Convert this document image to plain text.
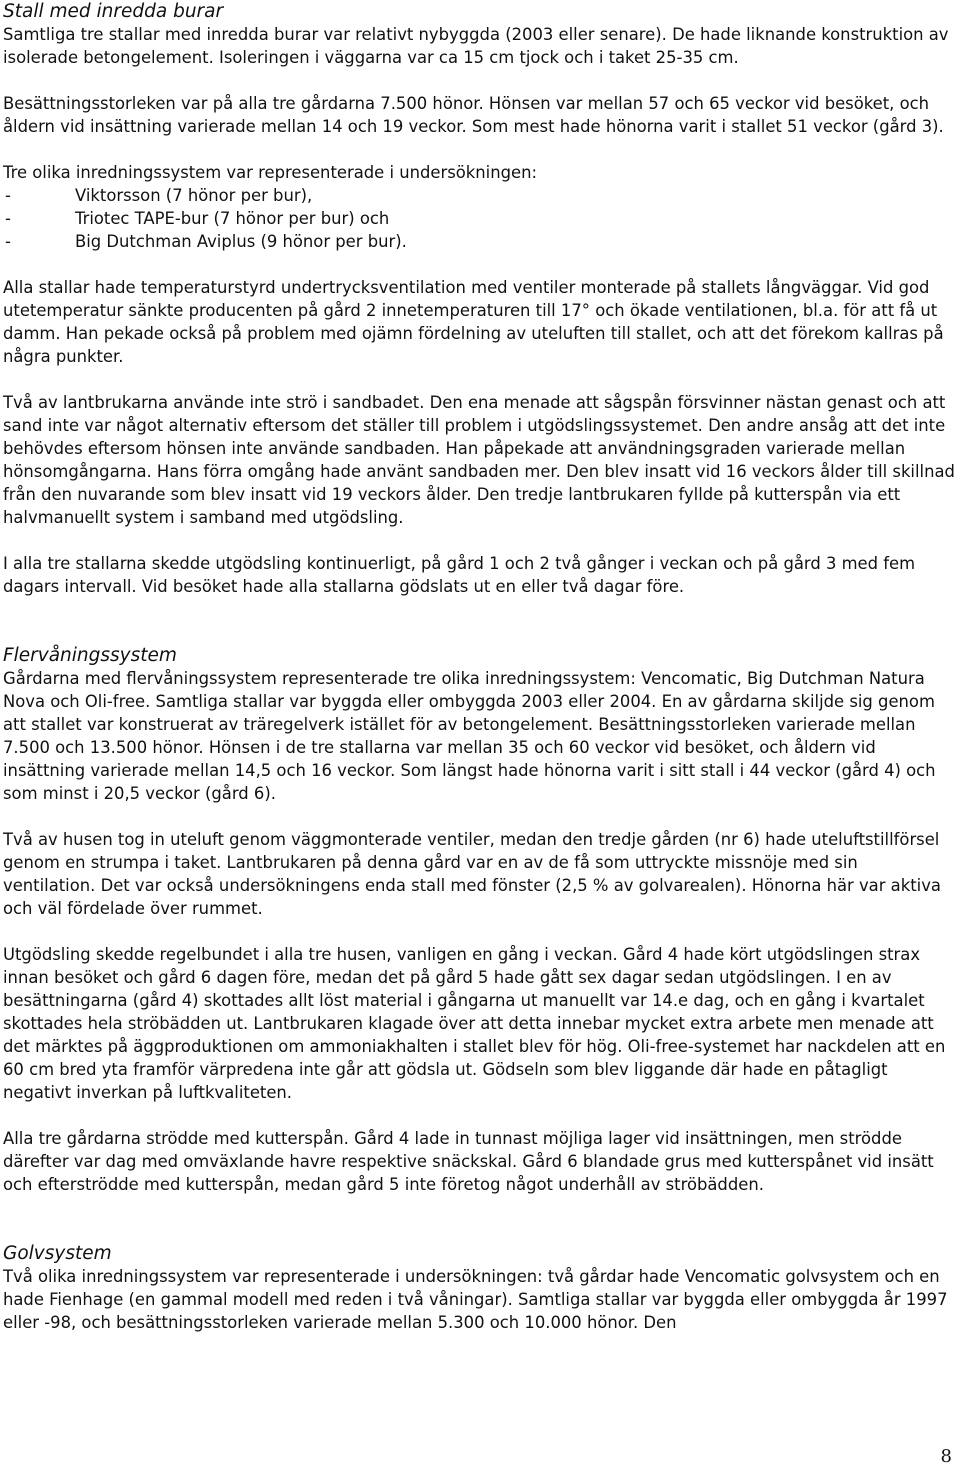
Stall med inredda burar

Samtliga tre stallar med inredda burar var relativt nybyggda (2003 eller senare). De hade liknande konstruktion av isolerade betongelement. Isoleringen i väggarna var ca 15 cm tjock och i taket 25-35 cm.

Besättningsstorleken var på alla tre gårdarna 7.500 hönor. Hönsen var mellan 57 och 65 veckor vid besöket, och åldern vid insättning varierade mellan 14 och 19 veckor. Som mest hade hönorna varit i stallet 51 veckor (gård 3).

Tre olika inredningssystem var representerade i undersökningen:

-	Viktorsson (7 hönor per bur),
-	Triotec TAPE-bur (7 hönor per bur) och
-	Big Dutchman Aviplus (9 hönor per bur).

Alla stallar hade temperaturstyrd undertrycksventilation med ventiler monterade på stallets långväggar. Vid god utetemperatur sänkte producenten på gård 2 innetemperaturen till 17° och ökade ventilationen, bl.a. för att få ut damm. Han pekade också på problem med ojämn fördelning av uteluften till stallet, och att det förekom kallras på några punkter.

Två av lantbrukarna använde inte strö i sandbadet. Den ena menade att sågspån försvinner nästan genast och att sand inte var något alternativ eftersom det ställer till problem i utgödslingssystemet. Den andre ansåg att det inte behövdes eftersom hönsen inte använde sandbaden. Han påpekade att användningsgraden varierade mellan hönsomgångarna. Hans förra omgång hade använt sandbaden mer. Den blev insatt vid 16 veckors ålder till skillnad från den nuvarande som blev insatt vid 19 veckors ålder. Den tredje lantbrukaren fyllde på kutterspån via ett halvmanuellt system i samband med utgödsling.

I alla tre stallarna skedde utgödsling kontinuerligt, på gård 1 och 2 två gånger i veckan och på gård 3 med fem dagars intervall. Vid besöket hade alla stallarna gödslats ut en eller två dagar före.

Flervåningssystem

Gårdarna med flervåningssystem representerade tre olika inredningssystem: Vencomatic, Big Dutchman Natura Nova och Oli-free. Samtliga stallar var byggda eller ombyggda 2003 eller 2004. En av gårdarna skiljde sig genom att stallet var konstruerat av träregelverk istället för av betongelement. Besättningsstorleken varierade mellan 7.500 och 13.500 hönor. Hönsen i de tre stallarna var mellan 35 och 60 veckor vid besöket, och åldern vid insättning varierade mellan 14,5 och 16 veckor. Som längst hade hönorna varit i sitt stall i 44 veckor (gård 4) och som minst i 20,5 veckor (gård 6).

Två av husen tog in uteluft genom väggmonterade ventiler, medan den tredje gården (nr 6) hade uteluftstillförsel genom en strumpa i taket. Lantbrukaren på denna gård var en av de få som uttryckte missnöje med sin ventilation. Det var också undersökningens enda stall med fönster (2,5 % av golvarealen). Hönorna här var aktiva och väl fördelade över rummet.

Utgödsling skedde regelbundet i alla tre husen, vanligen en gång i veckan. Gård 4 hade kört utgödslingen strax innan besöket och gård 6 dagen före, medan det på gård 5 hade gått sex dagar sedan utgödslingen. I en av besättningarna (gård 4) skottades allt löst material i gångarna ut manuellt var 14.e dag, och en gång i kvartalet skottades hela ströbädden ut. Lantbrukaren klagade över att detta innebar mycket extra arbete men menade att det märktes på äggproduktionen om ammoniakhalten i stallet blev för hög. Oli-free-systemet har nackdelen att en 60 cm bred yta framför värpredena inte går att gödsla ut. Gödseln som blev liggande där hade en påtagligt negativt inverkan på luftkvaliteten.

Alla tre gårdarna strödde med kutterspån. Gård 4 lade in tunnast möjliga lager vid insättningen, men strödde därefter var dag med omväxlande havre respektive snäckskal. Gård 6 blandade grus med kutterspånet vid insätt och efterströdde med kutterspån, medan gård 5 inte företog något underhåll av ströbädden.

Golvsystem

Två olika inredningssystem var representerade i undersökningen: två gårdar hade Vencomatic golvsystem och en hade Fienhage (en gammal modell med reden i två våningar). Samtliga stallar var byggda eller ombyggda år 1997 eller -98, och besättningsstorleken varierade mellan 5.300 och 10.000 hönor. Den

8
